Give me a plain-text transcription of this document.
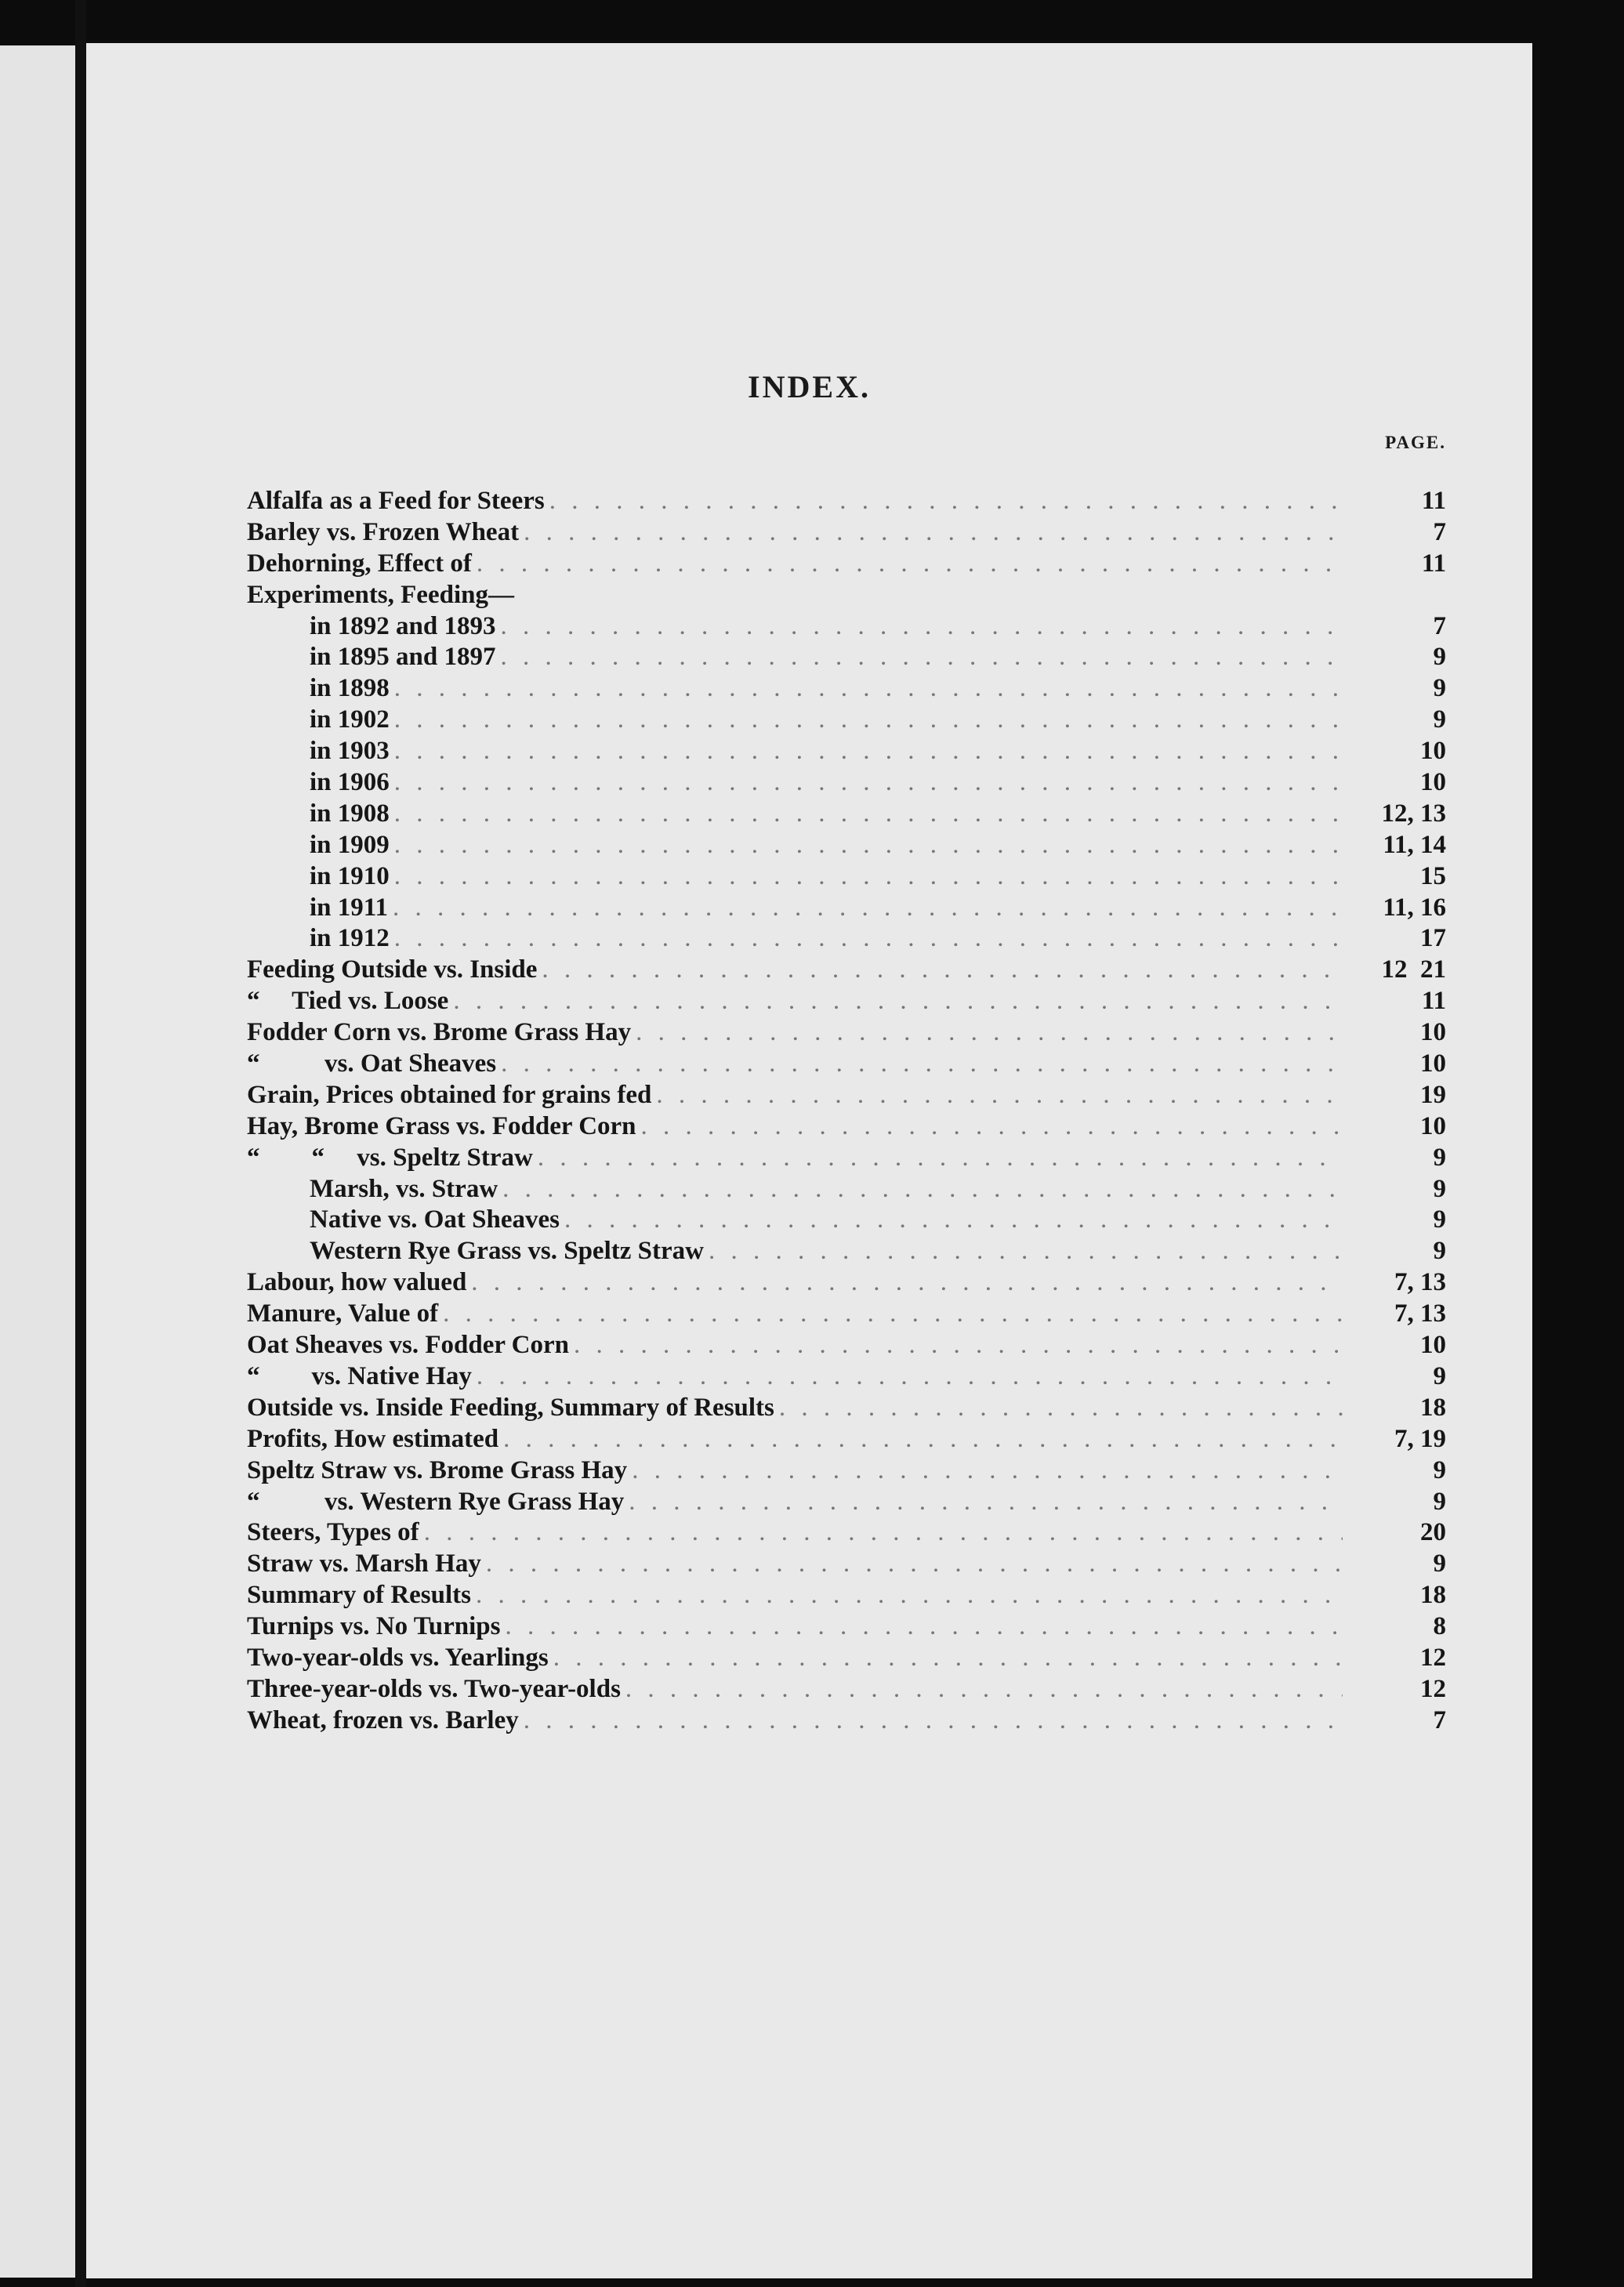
INDEX.
PAGE.
Alfalfa as a Feed for Steers . . .	11
Barley vs. Frozen Wheat . . .	7
Dehorning, Effect of . . .	11
Experiments, Feeding—
in 1892 and 1893 . . .	7
in 1895 and 1897 . . .	9
in 1898 . . .	9
in 1902 . . .	9
in 1903 . . .	10
in 1906 . . .	10
in 1908 . . .	12, 13
in 1909 . . .	11, 14
in 1910 . . .	15
in 1911 . . .	11, 16
in 1912 . . .	17
Feeding Outside vs. Inside . . .	12  21
“     Tied vs. Loose . . .	11
Fodder Corn vs. Brome Grass Hay . . .	10
“          vs. Oat Sheaves . . .	10
Grain, Prices obtained for grains fed . . .	19
Hay, Brome Grass vs. Fodder Corn . . .	10
“        “     vs. Speltz Straw . . .	9
Marsh, vs. Straw . . .	9
Native vs. Oat Sheaves . . .	9
Western Rye Grass vs. Speltz Straw . . .	9
Labour, how valued . . .	7, 13
Manure, Value of . . .	7, 13
Oat Sheaves vs. Fodder Corn . . .	10
“        vs. Native Hay . . .	9
Outside vs. Inside Feeding, Summary of Results . . .	18
Profits, How estimated . . .	7, 19
Speltz Straw vs. Brome Grass Hay . . .	9
“          vs. Western Rye Grass Hay . . .	9
Steers, Types of . . .	20
Straw vs. Marsh Hay . . .	9
Summary of Results . . .	18
Turnips vs. No Turnips . . .	8
Two-year-olds vs. Yearlings . . .	12
Three-year-olds vs. Two-year-olds . . .	12
Wheat, frozen vs. Barley . . .	7
